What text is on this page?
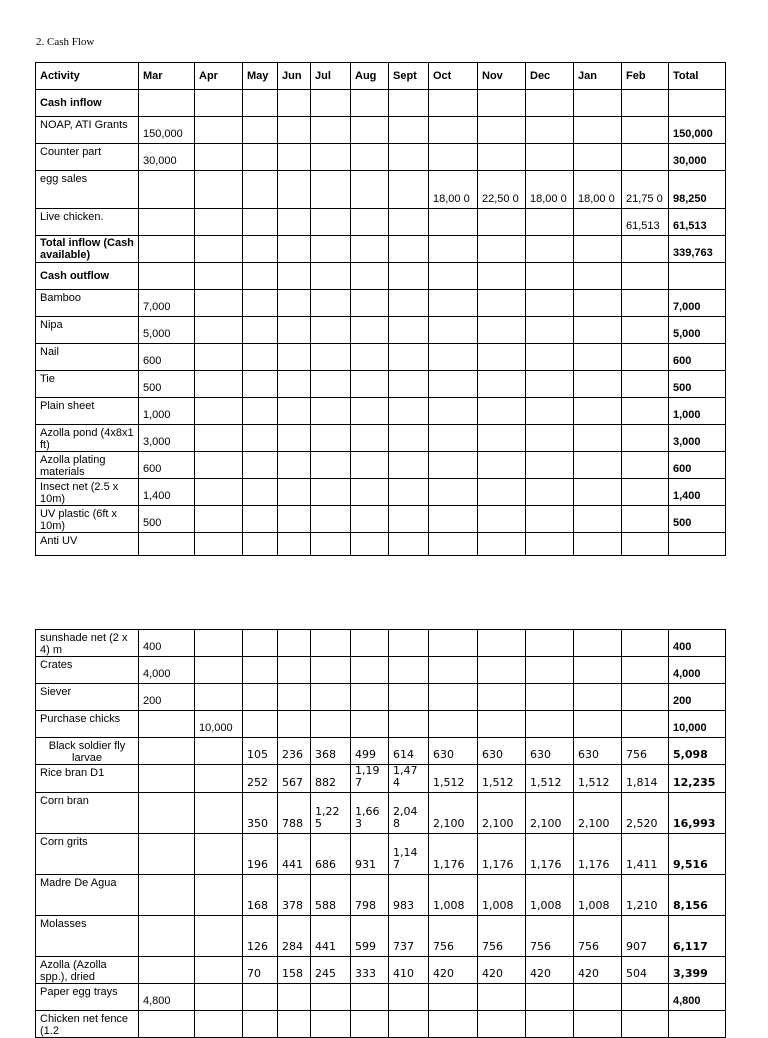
2. Cash Flow
Activity	Mar	Apr	May	Jun	Jul	Aug	Sept	Oct	Nov	Dec	Jan	Feb	Total
Cash inflow													
NOAP, ATI Grants	150,000												150,000
Counter part	30,000												30,000
egg sales								18,00 0	22,50 0	18,00 0	18,00 0	21,75 0	98,250
Live chicken.												61,513	61,513
Total inflow (Cash available)													339,763
Cash outflow													
Bamboo	7,000												7,000
Nipa	5,000												5,000
Nail	600												600
Tie	500												500
Plain sheet	1,000												1,000
Azolla pond (4x8x1 ft)	3,000												3,000
Azolla plating materials	600												600
Insect net (2.5 x 10m)	1,400												1,400
UV plastic (6ft x 10m)	500												500
Anti UV													
sunshade net (2 x 4) m	400												400
Crates	4,000												4,000
Siever	200												200
Purchase chicks		10,000											10,000
Black soldier fly larvae			105	236	368	499	614	630	630	630	630	756	5,098
Rice bran D1			252	567	882	1,19 7	1,47 4	1,512	1,512	1,512	1,512	1,814	12,235
Corn bran			350	788	1,22 5	1,66 3	2,04 8	2,100	2,100	2,100	2,100	2,520	16,993
Corn grits			196	441	686	931	1,14 7	1,176	1,176	1,176	1,176	1,411	9,516
Madre De Agua			168	378	588	798	983	1,008	1,008	1,008	1,008	1,210	8,156
Molasses			126	284	441	599	737	756	756	756	756	907	6,117
Azolla (Azolla spp.), dried			70	158	245	333	410	420	420	420	420	504	3,399
Paper egg trays	4,800												4,800
Chicken net fence (1.2													
